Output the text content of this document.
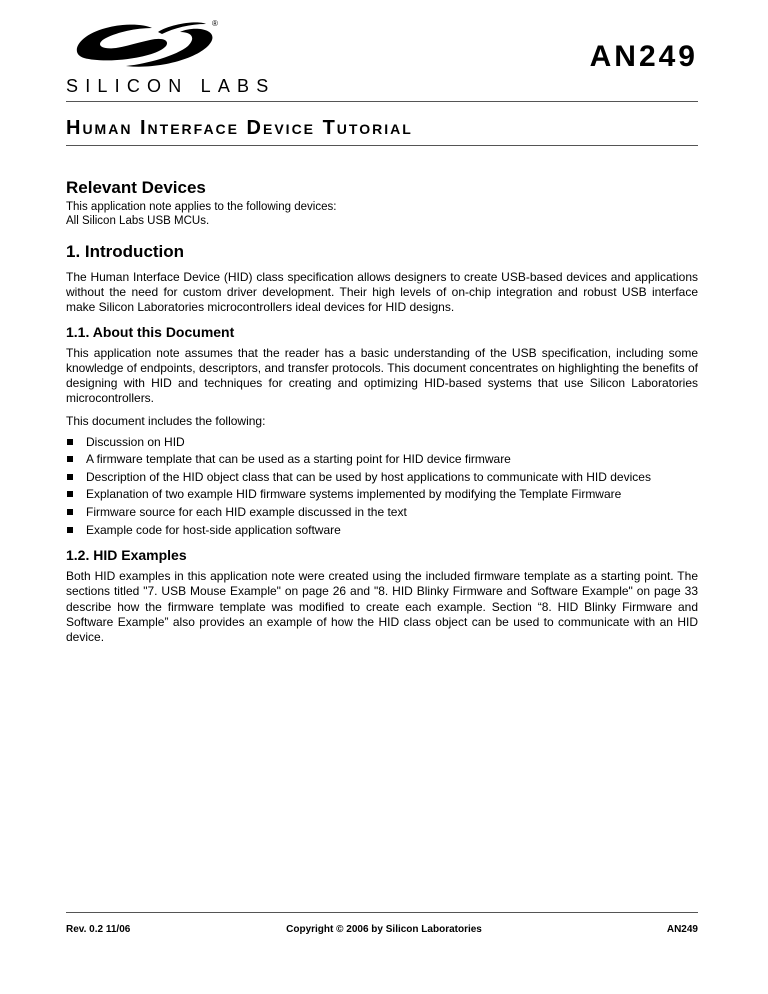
®
SILICON LABS
AN249
Human Interface Device Tutorial
Relevant Devices

This application note applies to the following devices:

All Silicon Labs USB MCUs.

1. Introduction

The Human Interface Device (HID) class specification allows designers to create USB-based devices and applications without the need for custom driver development. Their high levels of on-chip integration and robust USB interface make Silicon Laboratories microcontrollers ideal devices for HID designs.

1.1. About this Document

This application note assumes that the reader has a basic understanding of the USB specification, including some knowledge of endpoints, descriptors, and transfer protocols. This document concentrates on highlighting the benefits of designing with HID and techniques for creating and optimizing HID-based systems that use Silicon Laboratories microcontrollers.

This document includes the following:

Discussion on HID
A firmware template that can be used as a starting point for HID device firmware
Description of the HID object class that can be used by host applications to communicate with HID devices
Explanation of two example HID firmware systems implemented by modifying the Template Firmware
Firmware source for each HID example discussed in the text
Example code for host-side application software
1.2. HID Examples

Both HID examples in this application note were created using the included firmware template as a starting point. The sections titled "7. USB Mouse Example" on page 26 and "8. HID Blinky Firmware and Software Example" on page 33 describe how the firmware template was modified to create each example. Section “8. HID Blinky Firmware and Software Example” also provides an example of how the HID class object can be used to communicate with an HID device.

Rev. 0.2 11/06	Copyright © 2006 by Silicon Laboratories	AN249
